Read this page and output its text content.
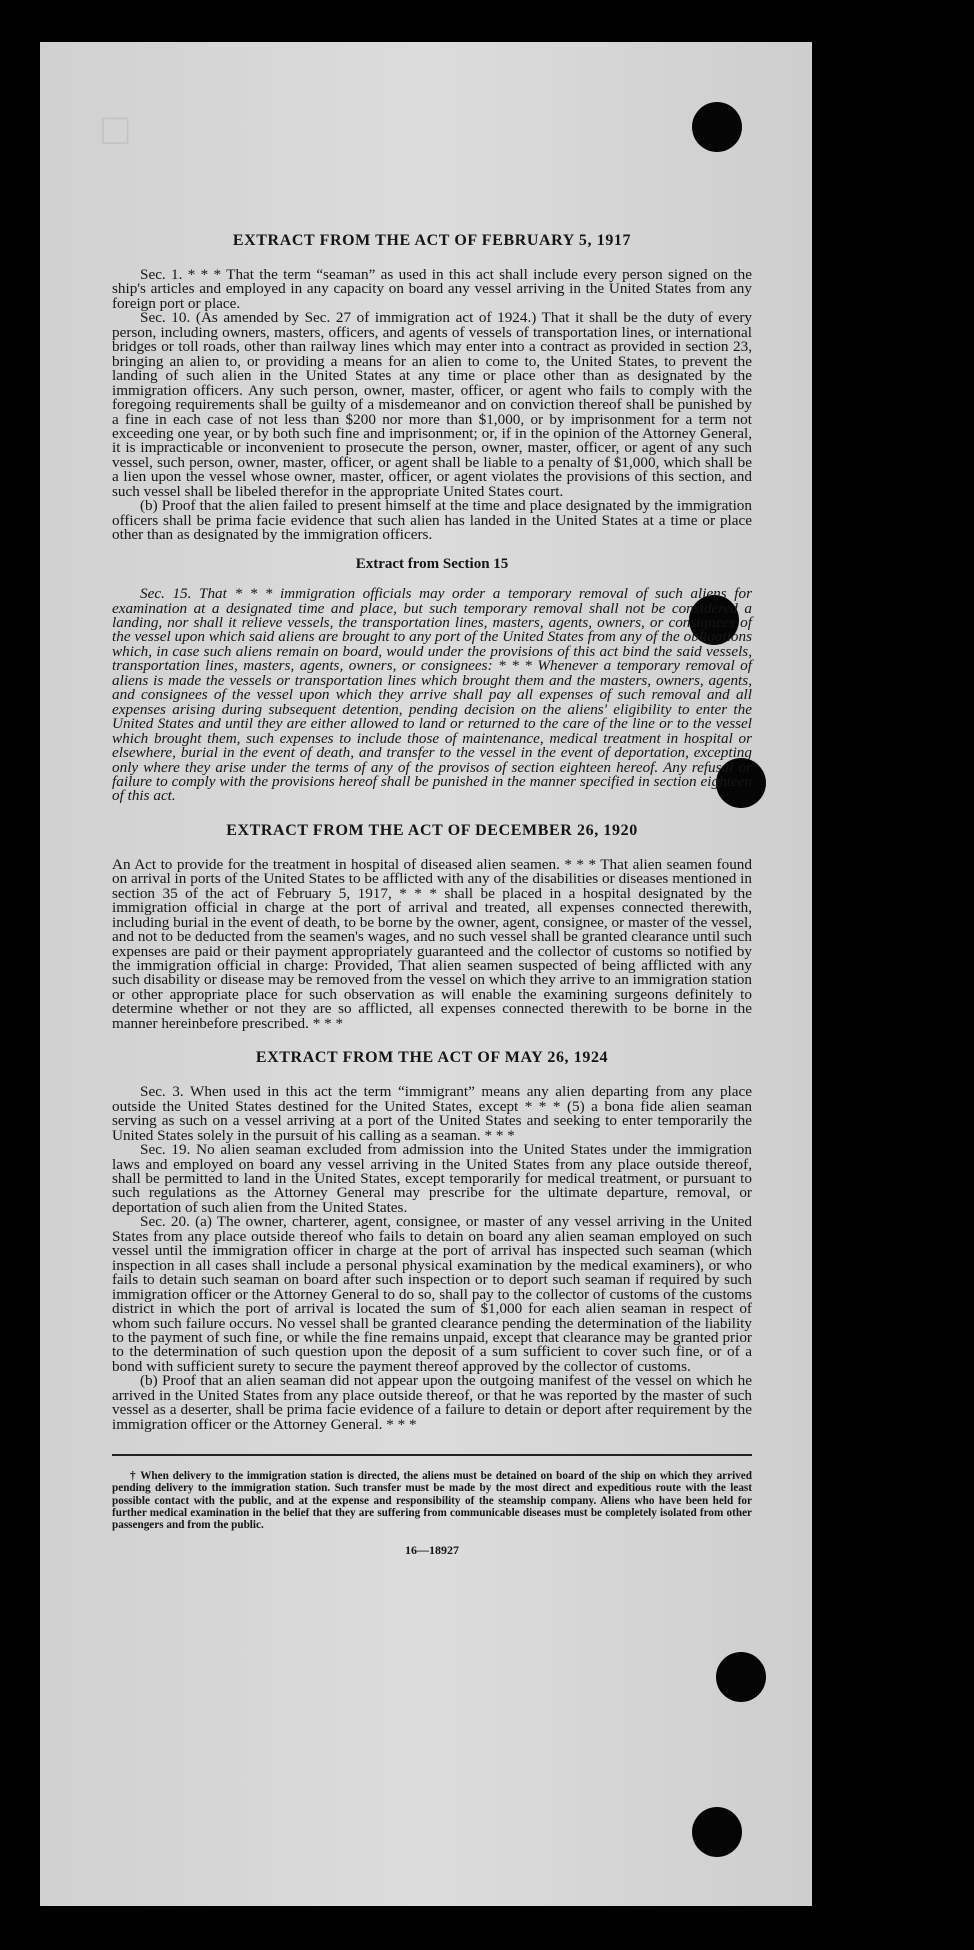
□
EXTRACT FROM THE ACT OF FEBRUARY 5, 1917

Sec. 1. * * * That the term “seaman” as used in this act shall include every person signed on the ship's articles and employed in any capacity on board any vessel arriving in the United States from any foreign port or place.

Sec. 10. (As amended by Sec. 27 of immigration act of 1924.) That it shall be the duty of every person, including owners, masters, officers, and agents of vessels of transportation lines, or international bridges or toll roads, other than railway lines which may enter into a contract as provided in section 23, bringing an alien to, or providing a means for an alien to come to, the United States, to prevent the landing of such alien in the United States at any time or place other than as designated by the immigration officers. Any such person, owner, master, officer, or agent who fails to comply with the foregoing requirements shall be guilty of a misdemeanor and on conviction thereof shall be punished by a fine in each case of not less than $200 nor more than $1,000, or by imprisonment for a term not exceeding one year, or by both such fine and imprisonment; or, if in the opinion of the Attorney General, it is impracticable or inconvenient to prosecute the person, owner, master, officer, or agent of any such vessel, such person, owner, master, officer, or agent shall be liable to a penalty of $1,000, which shall be a lien upon the vessel whose owner, master, officer, or agent violates the provisions of this section, and such vessel shall be libeled therefor in the appropriate United States court.

(b) Proof that the alien failed to present himself at the time and place designated by the immigration officers shall be prima facie evidence that such alien has landed in the United States at a time or place other than as designated by the immigration officers.

Extract from Section 15

Sec. 15. That * * * immigration officials may order a temporary removal of such aliens for examination at a designated time and place, but such temporary removal shall not be considered a landing, nor shall it relieve vessels, the transportation lines, masters, agents, owners, or consignees of the vessel upon which said aliens are brought to any port of the United States from any of the obligations which, in case such aliens remain on board, would under the provisions of this act bind the said vessels, transportation lines, masters, agents, owners, or consignees: * * * Whenever a temporary removal of aliens is made the vessels or transportation lines which brought them and the masters, owners, agents, and consignees of the vessel upon which they arrive shall pay all expenses of such removal and all expenses arising during subsequent detention, pending decision on the aliens' eligibility to enter the United States and until they are either allowed to land or returned to the care of the line or to the vessel which brought them, such expenses to include those of maintenance, medical treatment in hospital or elsewhere, burial in the event of death, and transfer to the vessel in the event of deportation, excepting only where they arise under the terms of any of the provisos of section eighteen hereof. Any refusal or failure to comply with the provisions hereof shall be punished in the manner specified in section eighteen of this act.

EXTRACT FROM THE ACT OF DECEMBER 26, 1920

An Act to provide for the treatment in hospital of diseased alien seamen. * * * That alien seamen found on arrival in ports of the United States to be afflicted with any of the disabilities or diseases mentioned in section 35 of the act of February 5, 1917, * * * shall be placed in a hospital designated by the immigration official in charge at the port of arrival and treated, all expenses connected therewith, including burial in the event of death, to be borne by the owner, agent, consignee, or master of the vessel, and not to be deducted from the seamen's wages, and no such vessel shall be granted clearance until such expenses are paid or their payment appropriately guaranteed and the collector of customs so notified by the immigration official in charge: Provided, That alien seamen suspected of being afflicted with any such disability or disease may be removed from the vessel on which they arrive to an immigration station or other appropriate place for such observation as will enable the examining surgeons definitely to determine whether or not they are so afflicted, all expenses connected therewith to be borne in the manner hereinbefore prescribed. * * *

EXTRACT FROM THE ACT OF MAY 26, 1924

Sec. 3. When used in this act the term “immigrant” means any alien departing from any place outside the United States destined for the United States, except * * * (5) a bona fide alien seaman serving as such on a vessel arriving at a port of the United States and seeking to enter temporarily the United States solely in the pursuit of his calling as a seaman. * * *

Sec. 19. No alien seaman excluded from admission into the United States under the immigration laws and employed on board any vessel arriving in the United States from any place outside thereof, shall be permitted to land in the United States, except temporarily for medical treatment, or pursuant to such regulations as the Attorney General may prescribe for the ultimate departure, removal, or deportation of such alien from the United States.

Sec. 20. (a) The owner, charterer, agent, consignee, or master of any vessel arriving in the United States from any place outside thereof who fails to detain on board any alien seaman employed on such vessel until the immigration officer in charge at the port of arrival has inspected such seaman (which inspection in all cases shall include a personal physical examination by the medical examiners), or who fails to detain such seaman on board after such inspection or to deport such seaman if required by such immigration officer or the Attorney General to do so, shall pay to the collector of customs of the customs district in which the port of arrival is located the sum of $1,000 for each alien seaman in respect of whom such failure occurs. No vessel shall be granted clearance pending the determination of the liability to the payment of such fine, or while the fine remains unpaid, except that clearance may be granted prior to the determination of such question upon the deposit of a sum sufficient to cover such fine, or of a bond with sufficient surety to secure the payment thereof approved by the collector of customs.

(b) Proof that an alien seaman did not appear upon the outgoing manifest of the vessel on which he arrived in the United States from any place outside thereof, or that he was reported by the master of such vessel as a deserter, shall be prima facie evidence of a failure to detain or deport after requirement by the immigration officer or the Attorney General. * * *

† When delivery to the immigration station is directed, the aliens must be detained on board of the ship on which they arrived pending delivery to the immigration station. Such transfer must be made by the most direct and expeditious route with the least possible contact with the public, and at the expense and responsibility of the steamship company. Aliens who have been held for further medical examination in the belief that they are suffering from communicable diseases must be completely isolated from other passengers and from the public.

16—18927
